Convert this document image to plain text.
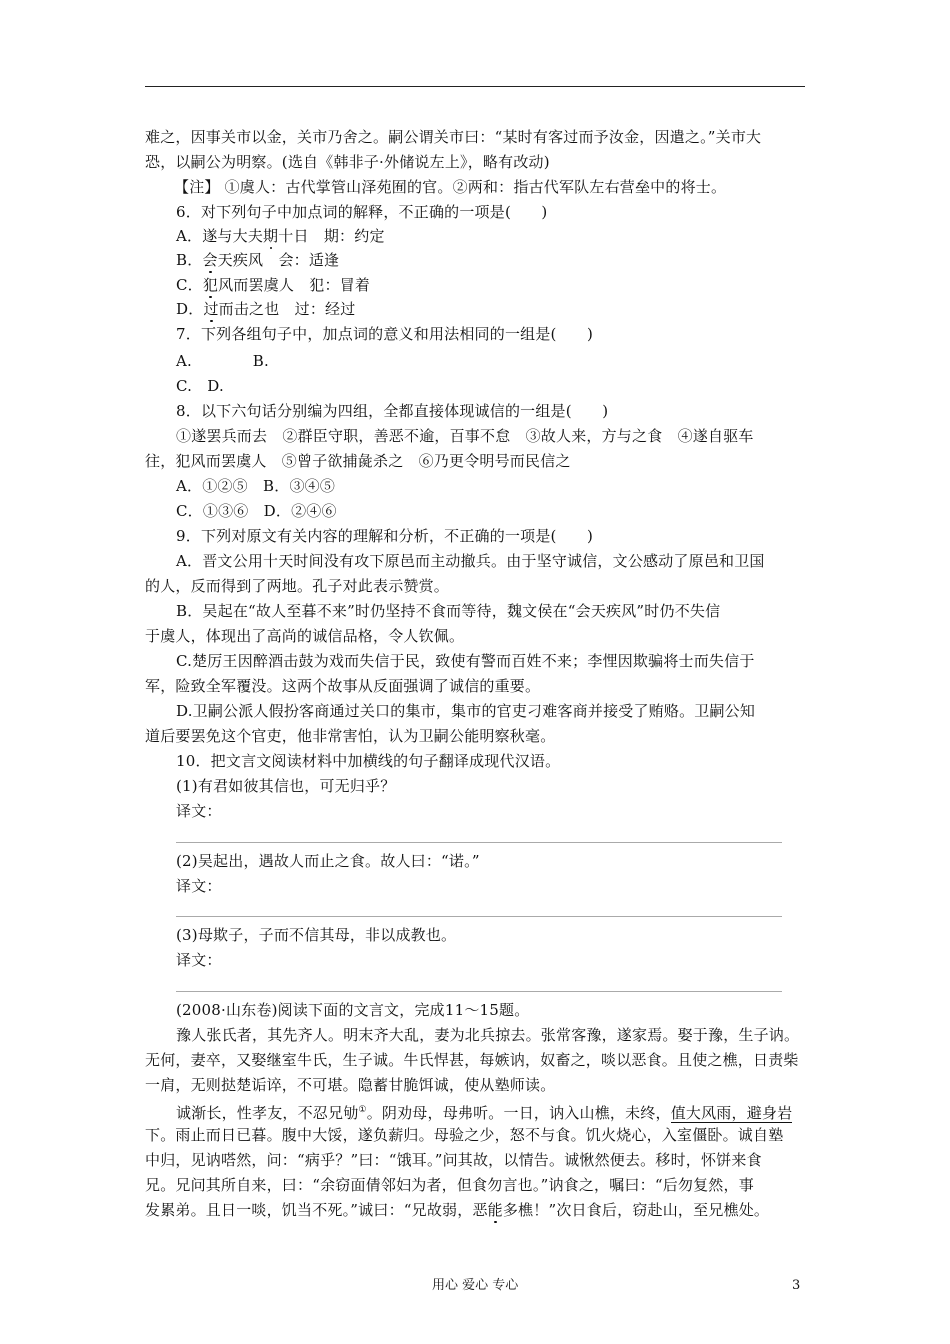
难之，因事关市以金，关市乃舍之。嗣公谓关市曰：“某时有客过而予汝金，因遣之。”关市大
恐，以嗣公为明察。(选自《韩非子·外储说左上》，略有改动)
【注】 ①虞人：古代掌管山泽苑囿的官。②两和：指古代军队左右营垒中的将士。
6．对下列句子中加点词的解释，不正确的一项是(　　)
A．遂与大夫期十日　期：约定
B．会天疾风　会：适逢
C．犯风而罢虞人　犯：冒着
D．过而击之也　过：经过
7．下列各组句子中，加点词的意义和用法相同的一组是(　　)
A.　　　　B.
C.　D.
8．以下六句话分别编为四组，全都直接体现诚信的一组是(　　)
①遂罢兵而去　②群臣守职，善恶不逾，百事不怠　③故人来，方与之食　④遂自驱车
往，犯风而罢虞人　⑤曾子欲捕彘杀之　⑥乃更令明号而民信之
A．①②⑤　B．③④⑤
C．①③⑥　D．②④⑥
9．下列对原文有关内容的理解和分析，不正确的一项是(　　)
A．晋文公用十天时间没有攻下原邑而主动撤兵。由于坚守诚信，文公感动了原邑和卫国
的人，反而得到了两地。孔子对此表示赞赏。
B．吴起在“故人至暮不来”时仍坚持不食而等待，魏文侯在“会天疾风”时仍不失信
于虞人，体现出了高尚的诚信品格，令人钦佩。
C.楚厉王因醉酒击鼓为戏而失信于民，致使有警而百姓不来；李悝因欺骗将士而失信于
军，险致全军覆没。这两个故事从反面强调了诚信的重要。
D.卫嗣公派人假扮客商通过关口的集市，集市的官吏刁难客商并接受了贿赂。卫嗣公知
道后要罢免这个官吏，他非常害怕，认为卫嗣公能明察秋毫。
10．把文言文阅读材料中加横线的句子翻译成现代汉语。
(1)有君如彼其信也，可无归乎？
译文：
(2)吴起出，遇故人而止之食。故人曰：“诺。”
译文：
(3)母欺子，子而不信其母，非以成教也。
译文：
(2008·山东卷)阅读下面的文言文，完成11～15题。
豫人张氏者，其先齐人。明末齐大乱，妻为北兵掠去。张常客豫，遂家焉。娶于豫，生子讷。
无何，妻卒，又娶继室牛氏，生子诚。牛氏悍甚，每嫉讷，奴畜之，啖以恶食。且使之樵，日责柴
一肩，无则挞楚诟谇，不可堪。隐蓄甘脆饵诚，使从塾师读。
诚渐长，性孝友，不忍兄劬①。阴劝母，母弗听。一日，讷入山樵，未终，值大风雨，避身岩
下。雨止而日已暮。腹中大馁，遂负薪归。母验之少，怒不与食。饥火烧心，入室僵卧。诚自塾
中归，见讷嗒然，问：“病乎？”曰：“饿耳。”问其故，以情告。诚愀然便去。移时，怀饼来食
兄。兄问其所自来，曰：“余窃面倩邻妇为者，但食勿言也。”讷食之，嘱曰：“后勿复然，事
发累弟。且日一啖，饥当不死。”诚曰：“兄故弱，恶能多樵！”次日食后，窃赴山，至兄樵处。
用心 爱心 专心	3
